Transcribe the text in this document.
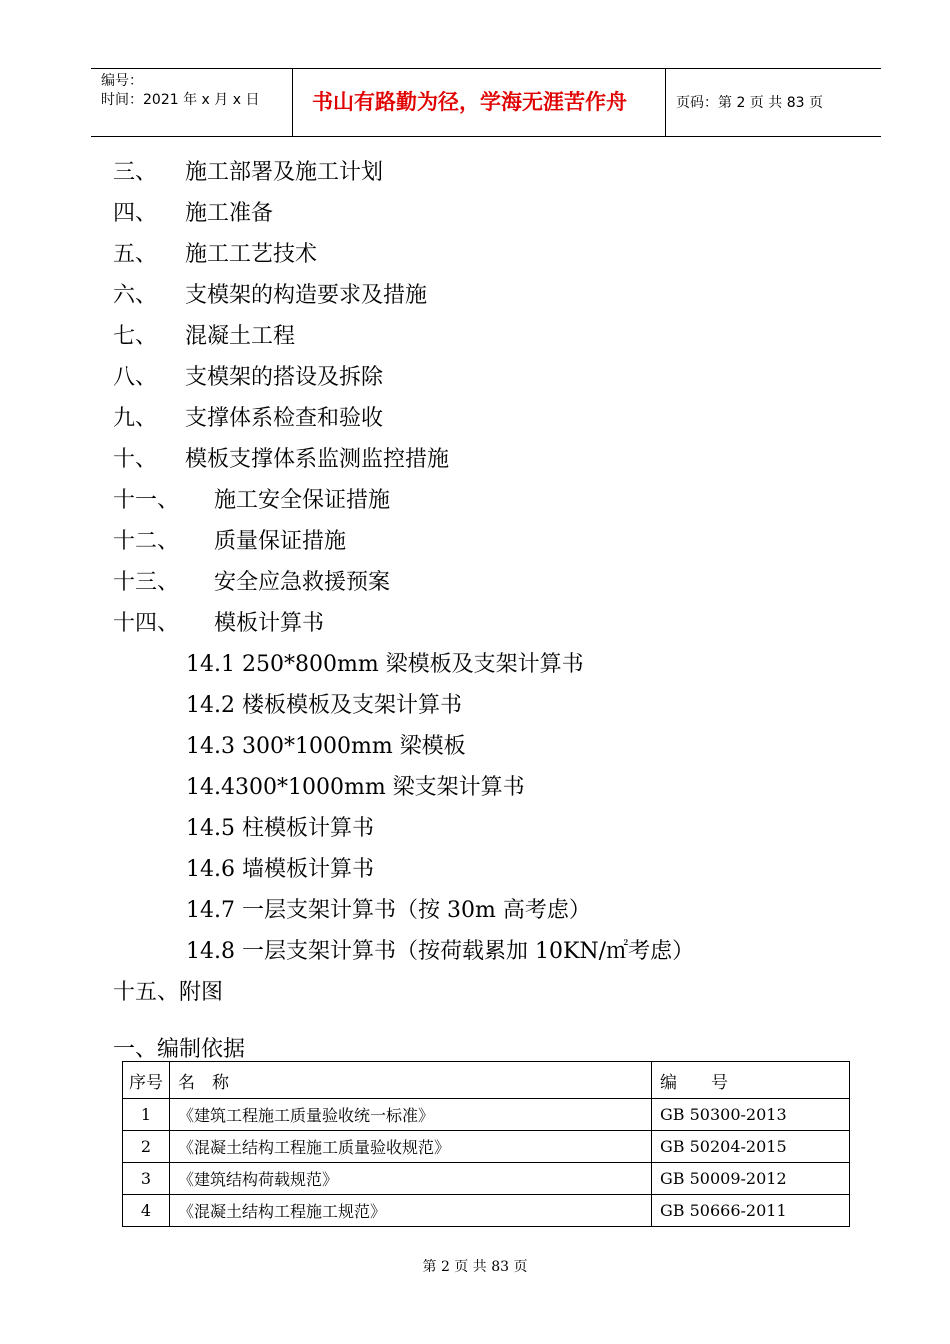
编号：
时间：2021 年 x 月 x 日	书山有路勤为径，学海无涯苦作舟	页码：第 2 页 共 83 页
三、 施工部署及施工计划
四、 施工准备
五、 施工工艺技术
六、 支模架的构造要求及措施
七、 混凝土工程
八、 支模架的搭设及拆除
九、 支撑体系检查和验收
十、 模板支撑体系监测监控措施
十一、 施工安全保证措施
十二、 质量保证措施
十三、 安全应急救援预案
十四、 模板计算书
14.1 250*800mm 梁模板及支架计算书
14.2 楼板模板及支架计算书
14.3 300*1000mm 梁模板
14.4300*1000mm 梁支架计算书
14.5 柱模板计算书
14.6 墙模板计算书
14.7 一层支架计算书（按 30m 高考虑）
14.8 一层支架计算书（按荷载累加 10KN/㎡考虑）
十五、附图
一、编制依据
序号	名　称	编　　号
1	《建筑工程施工质量验收统一标准》	GB 50300-2013
2	《混凝土结构工程施工质量验收规范》	GB 50204-2015
3	《建筑结构荷载规范》	GB 50009-2012
4	《混凝土结构工程施工规范》	GB 50666-2011
第 2 页 共 83 页
